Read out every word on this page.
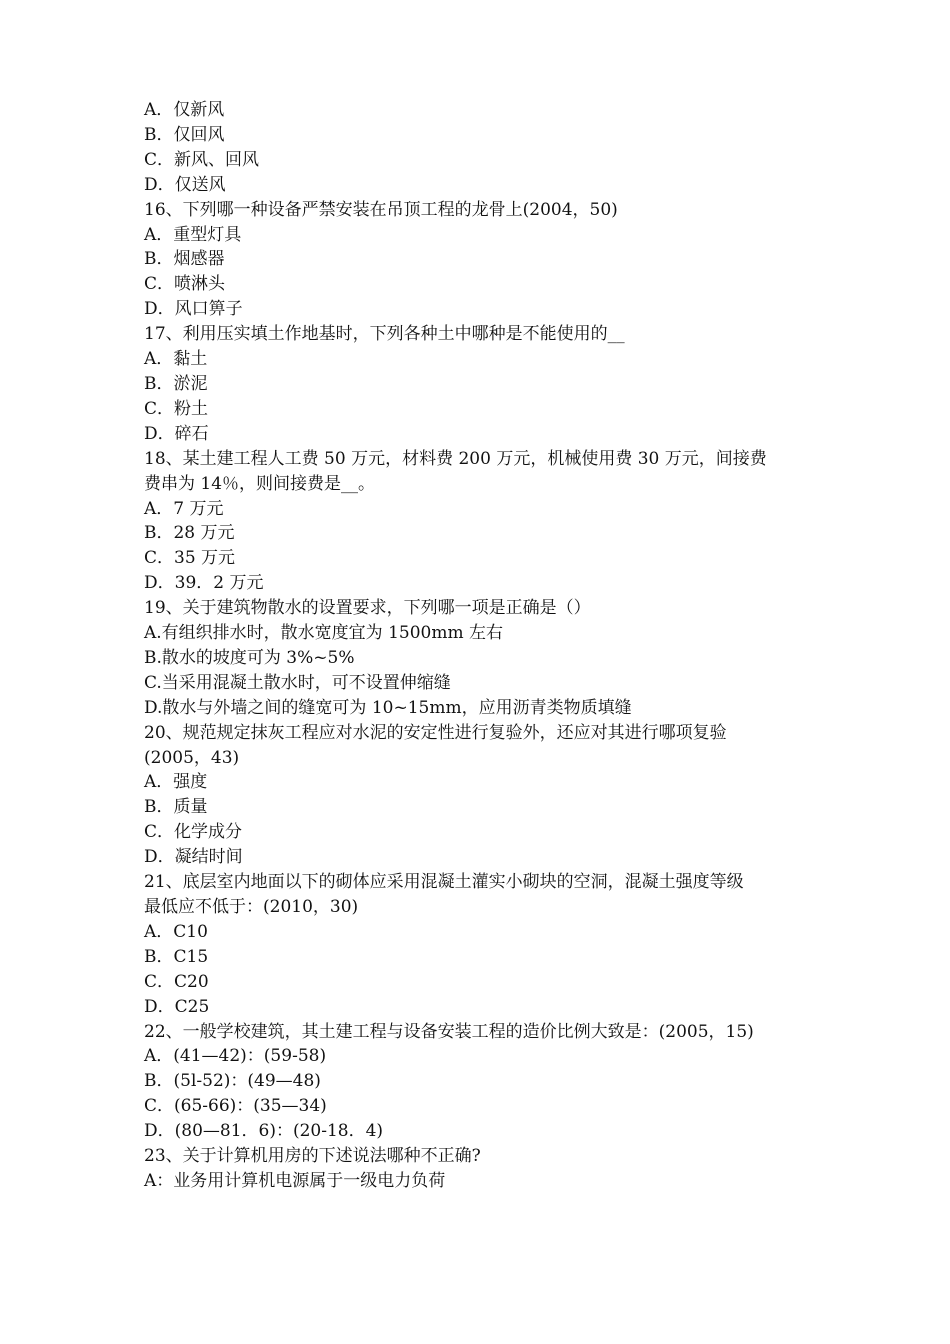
A．仅新风
B．仅回风
C．新风、回风
D．仅送风
16、下列哪一种设备严禁安装在吊顶工程的龙骨上(2004，50)
A．重型灯具
B．烟感器
C．喷淋头
D．风口箅子
17、利用压实填土作地基时，下列各种土中哪种是不能使用的__
A．黏土
B．淤泥
C．粉土
D．碎石
18、某土建工程人工费 50 万元，材料费 200 万元，机械使用费 30 万元，间接费
费串为 14％，则间接费是__。
A．7 万元
B．28 万元
C．35 万元
D．39．2 万元
19、关于建筑物散水的设置要求，下列哪一项是正确是（）
A.有组织排水时，散水宽度宜为 1500mm 左右
B.散水的坡度可为 3%~5%
C.当采用混凝土散水时，可不设置伸缩缝
D.散水与外墙之间的缝宽可为 10~15mm，应用沥青类物质填缝
20、规范规定抹灰工程应对水泥的安定性进行复验外，还应对其进行哪项复验
(2005，43)
A．强度
B．质量
C．化学成分
D．凝结时间
21、底层室内地面以下的砌体应采用混凝土灌实小砌块的空洞，混凝土强度等级
最低应不低于：(2010，30)
A．C10
B．C15
C．C20
D．C25
22、一般学校建筑，其土建工程与设备安装工程的造价比例大致是：(2005，15)
A．(41—42)：(59-58)
B．(5l-52)：(49—48)
C．(65-66)：(35—34)
D．(80—81．6)：(20-18．4)
23、关于计算机用房的下述说法哪种不正确?
A：业务用计算机电源属于一级电力负荷
